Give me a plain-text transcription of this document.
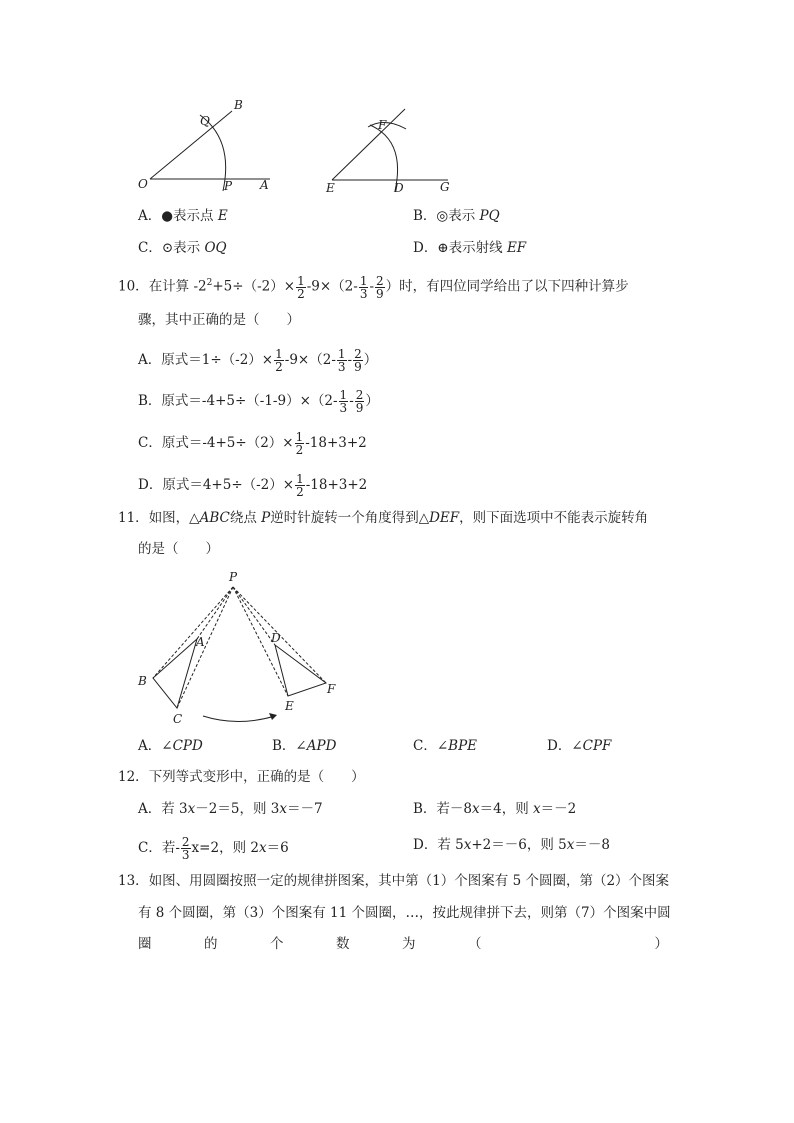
O
Q
B
P A	E
F
D	G
A．●表示点 E	B．◎表示 PQ
C．⊙表示 OQ	D．⊕表示射线 EF
10．在计算 $-2^2+5\div(-2)\times \frac{1}{2} -9\times(2- \frac{1}{3} - \frac{2}{9}$ ）时，有四位同学给出了以下四种计算步
骤，其中正确的是（　　）
A．原式$=1\div(-2)\times \frac{1}{2} -9\times(2- \frac{1}{3} - \frac{2}{9}$ ）
B．原式$=-4+5\div(-1-9)\times(2- \frac{1}{3} - \frac{2}{9}$ ）
C．原式$=-4+5\div(2)\times \frac{1}{2} -18+3+2$
D．原式$=4+5\div(-2)\times \frac{1}{2} -18+3+2$
11．如图，△ABC绕点 P逆时针旋转一个角度得到△DEF，则下面选项中不能表示旋转角
的是（　　）
P
A
B
C
D
E
F
A．∠CPD	B．∠APD	C．∠BPE	D．∠CPF
12．下列等式变形中，正确的是（　　）
A．若 3x－2＝5，则 3x＝－7	B．若－8x＝4，则 x＝－2
C．若- $\frac{2}{3} x=2$，则 2x＝6	D．若 5x+2＝－6，则 5x＝－8
13．如图、用圆圈按照一定的规律拼图案，其中第（1）个图案有 5 个圆圈，第（2）个图案
有 8 个圆圈，第（3）个图案有 11 个圆圈，…，按此规律拼下去，则第（7）个图案中圆
圈	的	个	数	为	（	）
